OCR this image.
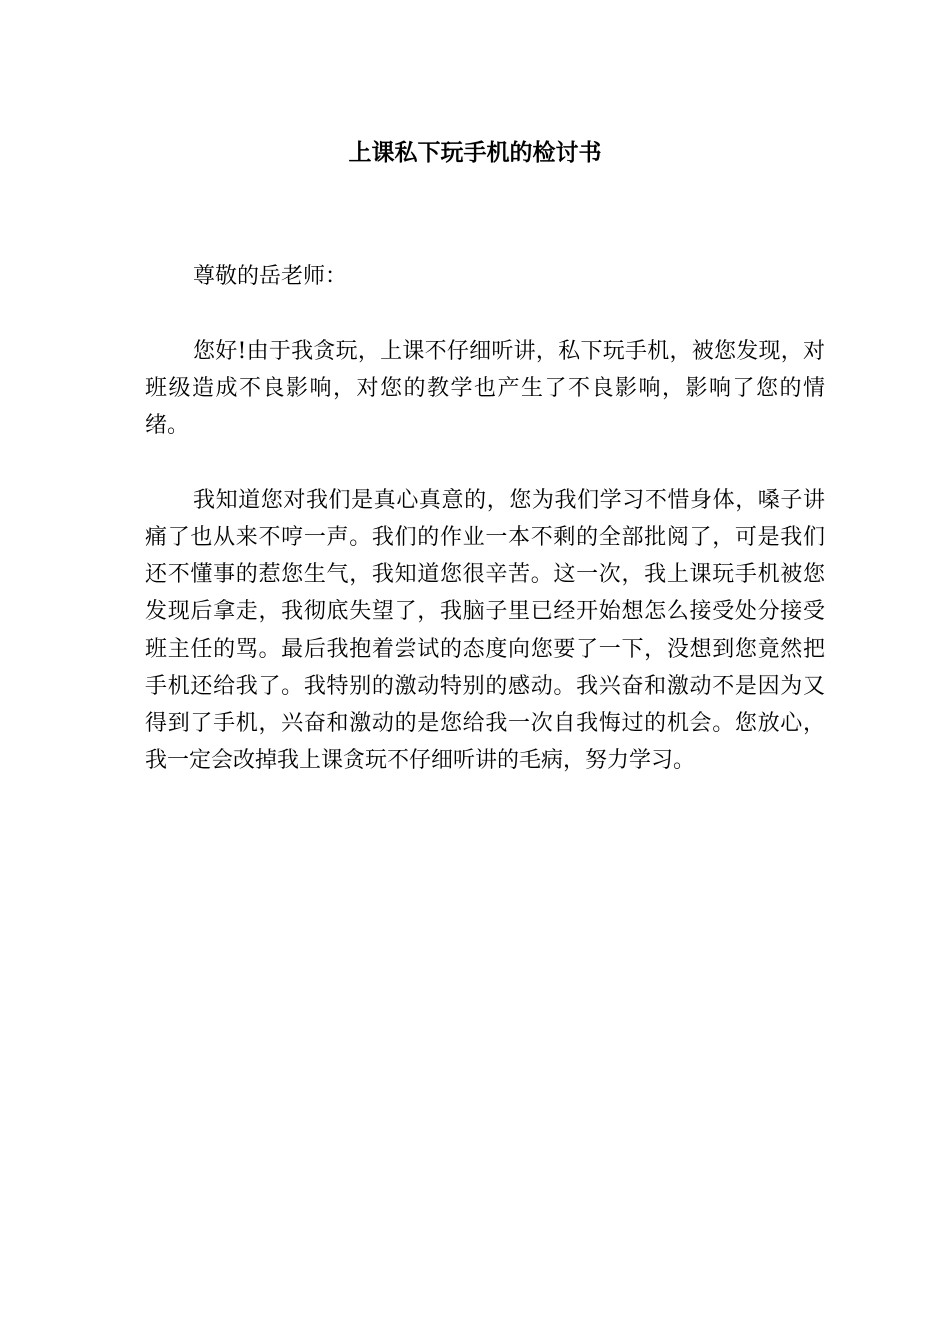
上课私下玩手机的检讨书

尊敬的岳老师：

您好!由于我贪玩，上课不仔细听讲，私下玩手机，被您发现，对班级造成不良影响，对您的教学也产生了不良影响，影响了您的情绪。

我知道您对我们是真心真意的，您为我们学习不惜身体，嗓子讲痛了也从来不哼一声。我们的作业一本不剩的全部批阅了，可是我们还不懂事的惹您生气，我知道您很辛苦。这一次，我上课玩手机被您发现后拿走，我彻底失望了，我脑子里已经开始想怎么接受处分接受班主任的骂。最后我抱着尝试的态度向您要了一下，没想到您竟然把手机还给我了。我特别的激动特别的感动。我兴奋和激动不是因为又得到了手机，兴奋和激动的是您给我一次自我悔过的机会。您放心，我一定会改掉我上课贪玩不仔细听讲的毛病，努力学习。
